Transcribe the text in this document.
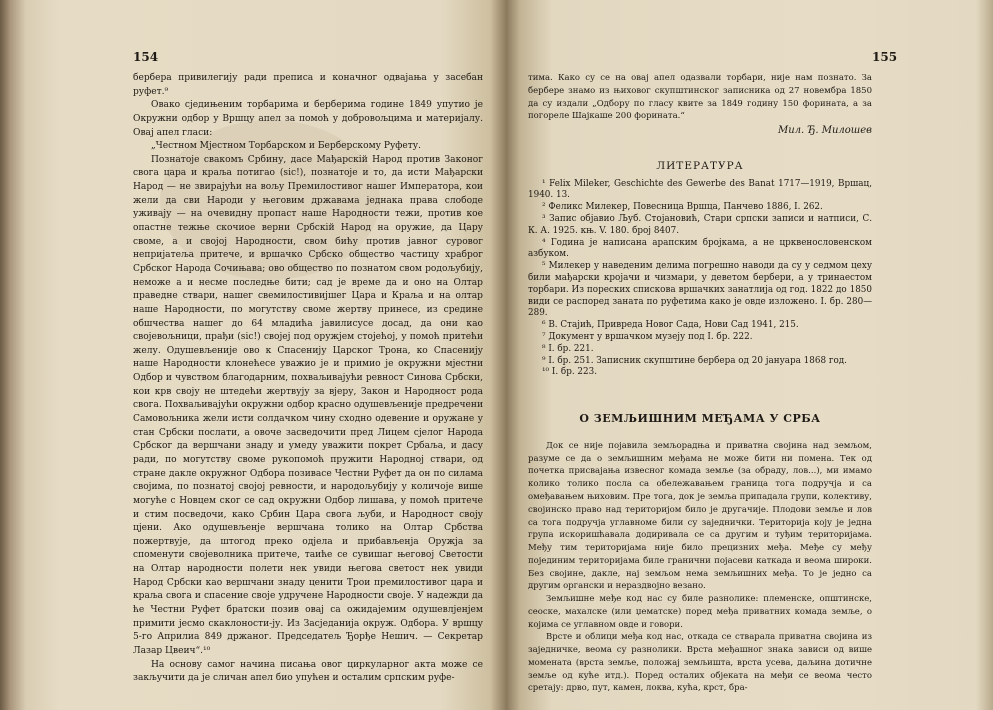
154

бербера привилегију ради преписа и коначног одвајања у засебан руфет.⁹

Овако сједињеним торбарима и берберима године 1849 упутио је Окружни одбор у Вршцу апел за помоћ у добровољцима и материјалу. Овај апел гласи:

„Честном Мјестном Торбарском и Берберскому Руфету.

Познатоје свакомъ Србину, дасе Мађарскiй Народ против Законог свога цара и краља потигао (sic!), познатоје и то, да исти Мађарски Народ — не звирајући на вољу Премилостивог нашег Императора, кои жели да сви Народи у његовим државама једнака права слободе уживају — на очевидну пропаст наше Народности тежи, против кое опастне тежње скочиое верни Србскiй Народ на оружие, да Цару своме, а и својој Народности, свом бићу против јавног суровог непријатеља притече, и вршачко Србско общество частицу храброг Србског Народа Сочињава; ово общество по познатом свом родољубију, неможе а и несме последње бити; сад је време да и оно на Олтар праведне ствари, нашег свемилостивијшег Цара и Краља и на олтар наше Народности, по могутству своме жертву принесе, из средине обшчества нашег до 64 младића јавилисусе досад, да они као својевољници, прађи (sic!) својеј под оружјем стојећој, у помоћ притећи желу. Одушевљеније ово к Спасенију Царског Трона, ко Спасенију наше Народности клонећесе уважио је и примио је окружни мјестни Одбор и чувством благодарним, похваљивајући ревност Синова Србски, кои крв своју не штедећи жертвују за вјеру, Закон и Народност рода свога. Похваљивајући окружни одбор красно одушевљеније предречени Самовољника жели исти солдачком чину сходно одевение и оружане у стан Србски послати, а овоче засведочити пред Лицем сјелог Народа Србског да вершчани знаду и умеду уважити покрет Србаља, и дасу ради, по могутству своме рукопомоћ пружити Народној ствари, од стране дакле окружног Одбора позивасе Честни Руфет да он по силама својима, по познатој својој ревности, и народољубију у количоје више могуће с Новцем ског се сад окружни Одбор лишава, у помоћ притече и стим посведочи, како Србин Цара свога љуби, и Народност своју цјени. Ако одушевљенје вершчана толико на Олтар Србства пожертвује, да штогод преко одјела и прибављенја Оружја за споменути својеволника притече, таиће се сувишаг његовој Светости на Олтар народности полети нек увиди његова светост нек увиди Народ Србски као вершчани знаду ценити Трои премилостивог цара и краља свога и спасение своје удручене Народности своје. У надежди да ће Честни Руфет братски позив овај са ожидајемим одушевлјенјем примити јесмо скаклоности-ју. Из Засједанија окруж. Одбора. У вршцу 5-го Априлиа 849 држаног. Председатељ Ђорђе Нешич. — Секретар Лазар Цвеич“.¹⁰

На основу самог начина писања овог циркуларног акта може се закључити да је сличан апел био упућен и осталим српским руфе-

155

тима. Како су се на овај апел одазвали торбари, није нам познато. За бербере знамо из њиховог скупштинског записника од 27 новембра 1850 да су издали „Одбору по гласу квите за 1849 годину 150 форината, а за погореле Шајкаше 200 форината.“

Мил. Ђ. Милошев

ЛИТЕРАТУРА

¹ Felix Mileker, Geschichte des Gewerbe des Banat 1717—1919, Вршац, 1940. 13.

² Феликс Милекер, Повесница Вршца, Панчево 1886, I. 262.

³ Запис објавио Љуб. Стојановић, Стари српски записи и натписи, С. К. А. 1925. књ. V. 180. број 8407.

⁴ Година је написана арапским бројкама, а не црквенословенском азбуком.

⁵ Милекер у наведеним делима погрешно наводи да су у седмом цеху били мађарски кројачи и чизмари, у деветом бербери, а у тринаестом торбари. Из пореских спискова вршачких занатлија од год. 1822 до 1850 види се распоред заната по руфетима како је овде изложено. I. бр. 280—289.

⁶ В. Стајић, Привреда Новог Сада, Нови Сад 1941, 215.

⁷ Документ у вршачком музеју под I. бр. 222.

⁸ I. бр. 221.

⁹ I. бр. 251. Записник скупштине бербера од 20 јануара 1868 год.

¹⁰ I. бр. 223.

О ЗЕМЉИШНИМ МЕЂАМА У СРБА

Док се није појавила земљорадња и приватна својина над земљом, разуме се да о земљишним међама не може бити ни помена. Тек од почетка присвајања извесног комада земље (за обраду, лов...), ми имамо колико толико посла са обележавањем граница тога подручја и са омеђавањем њиховим. Пре тога, док је земља припадала групи, колективу, својинско право над територијом било је другачије. Плодови земље и лов са тога подручја углавноме били су заједнички. Територија коју је једна група искоришћавала додиривала се са другим и туђим територијама. Међу тим територијама није било прецизних међа. Међе су међу појединим територијама биле гранични појасеви каткада и веома широки. Без својине, дакле, нај земљом нема земљишних међа. То је једно са другим органски и нераздвојно везано.

Земљишне међе код нас су биле разноликe: племенске, општинске, сеоске, махалске (или џематске) поред међа приватних комада земље, о којима се углавном овде и говори.

Врсте и облици међа код нас, откада се стварала приватна својина из заједничке, веома су разнолики. Врста међашног знака зависи од више момената (врста земље, положај земљишта, врста усева, даљина дотичне земље од куће итд.). Поред осталих објеката на међи се веома често сретају: дрво, пут, камен, локва, кућа, крст, бра-
